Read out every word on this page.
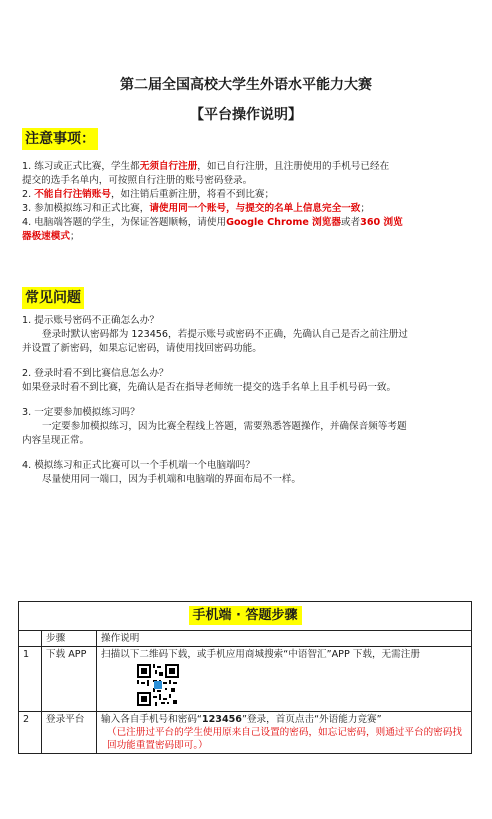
第二届全国高校大学生外语水平能力大赛
【平台操作说明】
注意事项：

1. 练习或正式比赛，学生都无须自行注册，如已自行注册，且注册使用的手机号已经在

提交的选手名单内，可按照自行注册的账号密码登录。

2. 不能自行注销账号，如注销后重新注册，将看不到比赛；

3. 参加模拟练习和正式比赛，请使用同一个账号，与提交的名单上信息完全一致；

4. 电脑端答题的学生，为保证答题顺畅，请使用Google Chrome 浏览器或者360 浏览

器极速模式；

常见问题

1. 提示账号密码不正确怎么办？

登录时默认密码都为 123456，若提示账号或密码不正确，先确认自己是否之前注册过

并设置了新密码，如果忘记密码，请使用找回密码功能。

2. 登录时看不到比赛信息怎么办？

如果登录时看不到比赛，先确认是否在指导老师统一提交的选手名单上且手机号码一致。

3. 一定要参加模拟练习吗？

一定要参加模拟练习，因为比赛全程线上答题，需要熟悉答题操作，并确保音频等考题

内容呈现正常。

4. 模拟练习和正式比赛可以一个手机端一个电脑端吗？

尽量使用同一端口，因为手机端和电脑端的界面布局不一样。

手机端 · 答题步骤		
	步骤	操作说明
1	下载 APP	扫描以下二维码下载，或手机应用商城搜索“中语智汇”APP 下载，无需注册

2	登录平台	输入各自手机号和密码“123456”登录，首页点击“外语能力竞赛”
（已注册过平台的学生使用原来自己设置的密码，如忘记密码，则通过平台的密码找回功能重置密码即可。）
